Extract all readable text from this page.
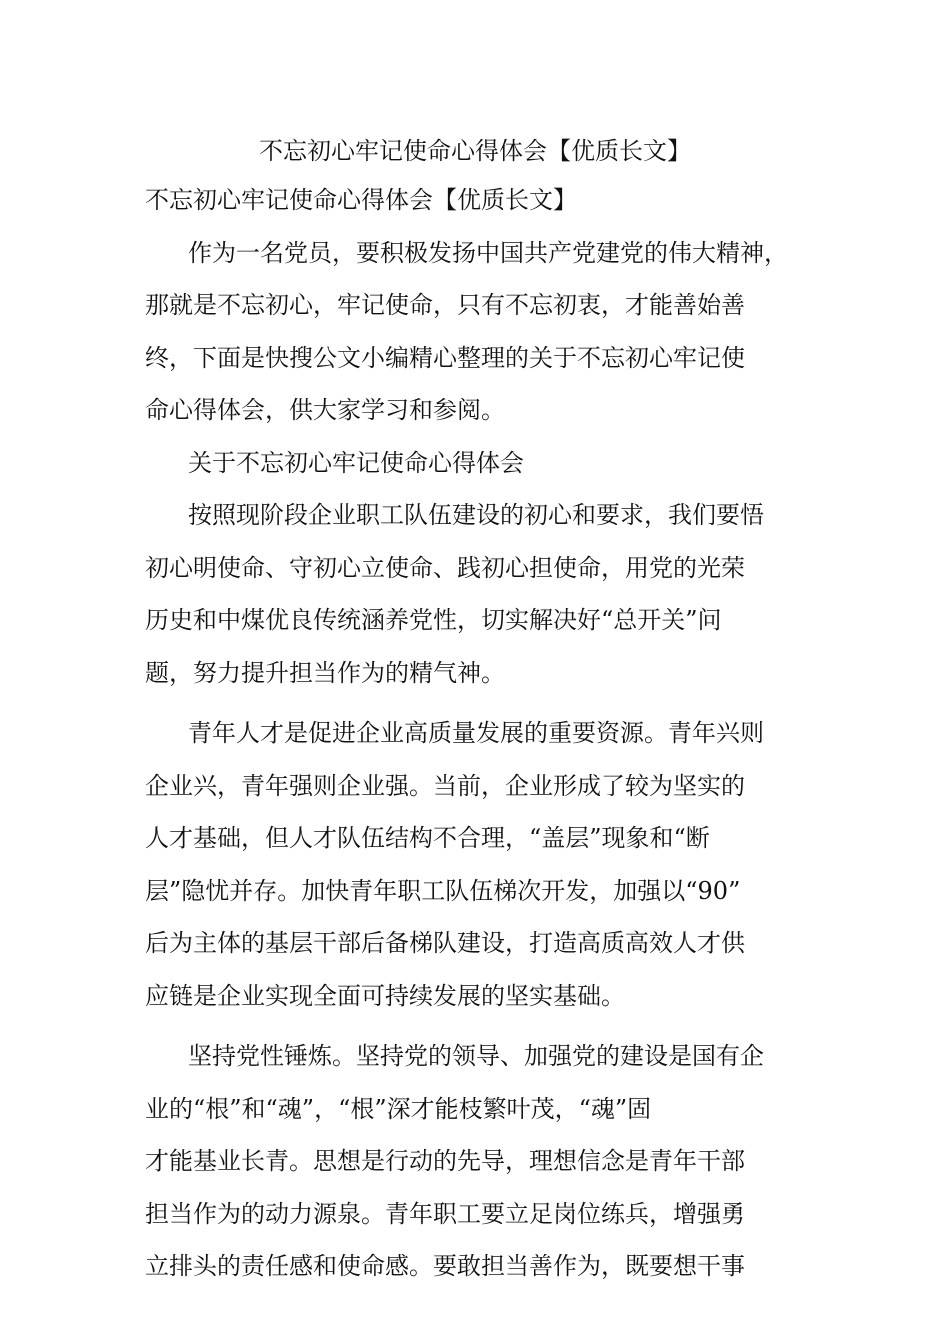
不忘初心牢记使命心得体会【优质长文】

不忘初心牢记使命心得体会【优质长文】

作为一名党员，要积极发扬中国共产党建党的伟大精神，

那就是不忘初心，牢记使命，只有不忘初衷，才能善始善

终，下面是快搜公文小编精心整理的关于不忘初心牢记使

命心得体会，供大家学习和参阅。

关于不忘初心牢记使命心得体会

按照现阶段企业职工队伍建设的初心和要求，我们要悟

初心明使命、守初心立使命、践初心担使命，用党的光荣

历史和中煤优良传统涵养党性，切实解决好“总开关”问

题，努力提升担当作为的精气神。

青年人才是促进企业高质量发展的重要资源。青年兴则

企业兴，青年强则企业强。当前，企业形成了较为坚实的

人才基础，但人才队伍结构不合理，“盖层”现象和“断

层”隐忧并存。加快青年职工队伍梯次开发，加强以“90”

后为主体的基层干部后备梯队建设，打造高质高效人才供

应链是企业实现全面可持续发展的坚实基础。

坚持党性锤炼。坚持党的领导、加强党的建设是国有企

业的“根”和“魂”，“根”深才能枝繁叶茂，“魂”固

才能基业长青。思想是行动的先导，理想信念是青年干部

担当作为的动力源泉。青年职工要立足岗位练兵，增强勇

立排头的责任感和使命感。要敢担当善作为，既要想干事
